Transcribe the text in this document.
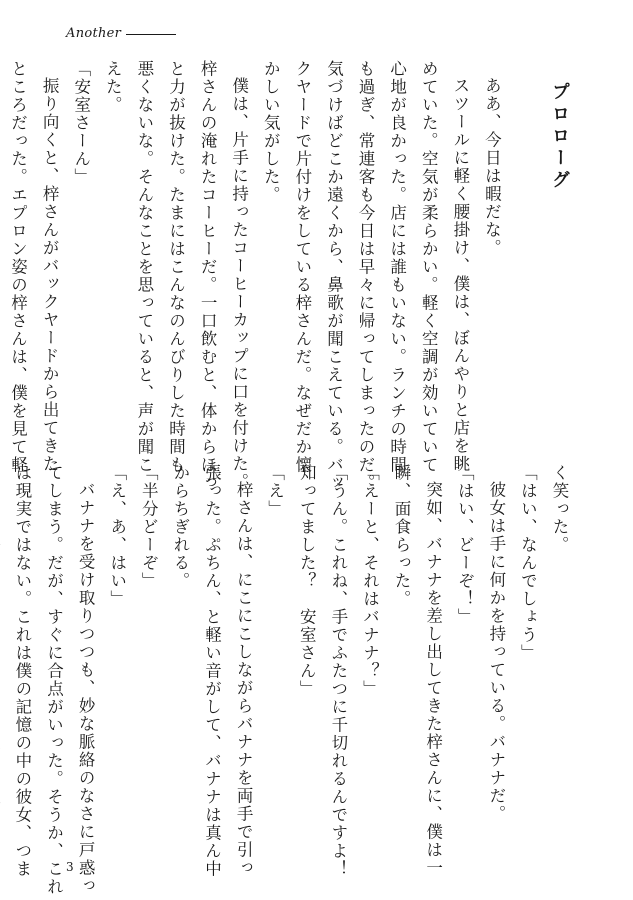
Another
プロローグ
ああ、今日は暇だな。
スツールに軽く腰掛け、僕は、ぼんやりと店を眺
めていた。空気が柔らかい。軽く空調が効いていて
心地が良かった。店には誰もいない。ランチの時間
も過ぎ、常連客も今日は早々に帰ってしまったのだ。
気づけばどこか遠くから、鼻歌が聞こえている。バッ
クヤードで片付けをしている梓さんだ。なぜだか懐
かしい気がした。
僕は、片手に持ったコーヒーカップに口を付けた。
梓さんの淹れたコーヒーだ。一口飲むと、体からほっ
と力が抜けた。たまにはこんなのんびりした時間も
悪くないな。そんなことを思っていると、声が聞こ
えた。
「安室さーん」
振り向くと、梓さんがバックヤードから出てきた
ところだった。エプロン姿の梓さんは、僕を見て軽
く笑った。
「はい、なんでしょう」
彼女は手に何かを持っている。バナナだ。
「はい、どーぞ！」
突如、バナナを差し出してきた梓さんに、僕は一
瞬、面食らった。
「えーと、それはバナナ？」
「うん。これね、手でふたつに千切れるんですよ！
知ってました？　安室さん」
「え」
梓さんは、にこにこしながらバナナを両手で引っ
張った。ぷちん、と軽い音がして、バナナは真ん中
からちぎれる。
「半分どーぞ」
「え、あ、はい」
バナナを受け取りつつも、妙な脈絡のなさに戸惑っ
てしまう。だが、すぐに合点がいった。そうか、これ
は現実ではない。これは僕の記憶の中の彼女、つま	3
